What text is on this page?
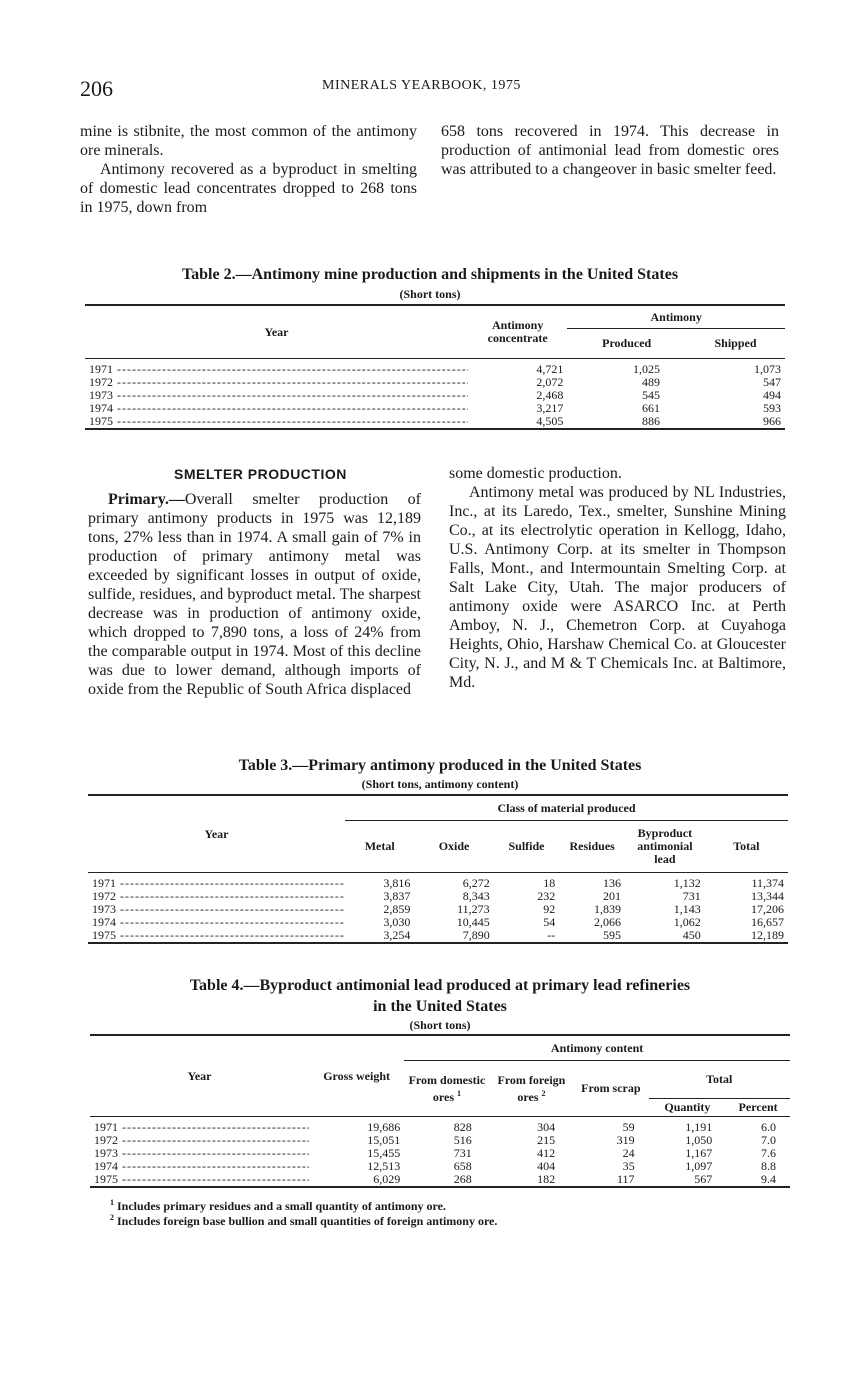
206	MINERALS YEARBOOK, 1975

mine is stibnite, the most common of the antimony ore minerals.

Antimony recovered as a byproduct in smelting of domestic lead concentrates dropped to 268 tons in 1975, down from

658 tons recovered in 1974. This decrease in production of antimonial lead from domestic ores was attributed to a changeover in basic smelter feed.

Table 2.—Antimony mine production and shipments in the United States
(Short tons)
Year	Antimony concentrate	Antimony	
		Produced	Shipped

1971 -----	4,721	1,025	1,073
1972 -----	2,072	489	547
1973 -----	2,468	545	494
1974 -----	3,217	661	593
1975 -----	4,505	886	966
SMELTER PRODUCTION

Primary.—Overall smelter production of primary antimony products in 1975 was 12,189 tons, 27% less than in 1974. A small gain of 7% in production of primary antimony metal was exceeded by significant losses in output of oxide, sulfide, residues, and byproduct metal. The sharpest decrease was in production of antimony oxide, which dropped to 7,890 tons, a loss of 24% from the comparable output in 1974. Most of this decline was due to lower demand, although imports of oxide from the Republic of South Africa displaced

some domestic production.

Antimony metal was produced by NL Industries, Inc., at its Laredo, Tex., smelter, Sunshine Mining Co., at its electrolytic operation in Kellogg, Idaho, U.S. Antimony Corp. at its smelter in Thompson Falls, Mont., and Intermountain Smelting Corp. at Salt Lake City, Utah. The major producers of antimony oxide were ASARCO Inc. at Perth Amboy, N. J., Chemetron Corp. at Cuyahoga Heights, Ohio, Harshaw Chemical Co. at Gloucester City, N. J., and M & T Chemicals Inc. at Baltimore, Md.

Table 3.—Primary antimony produced in the United States
(Short tons, antimony content)
Year	Class of material produced					
	Metal	Oxide	Sulfide	Residues	Byproduct antimonial lead	Total

1971 -----	3,816	6,272	18	136	1,132	11,374
1972 -----	3,837	8,343	232	201	731	13,344
1973 -----	2,859	11,273	92	1,839	1,143	17,206
1974 -----	3,030	10,445	54	2,066	1,062	16,657
1975 -----	3,254	7,890	--	595	450	12,189
Table 4.—Byproduct antimonial lead produced at primary lead refineries
in the United States
(Short tons)
Year	Gross weight	Antimony content				
		From domestic ores $^1$	From foreign ores $^2$	From scrap	Total	
					Quantity	Percent

1971 -----	19,686	828	304	59	1,191	6.0
1972 -----	15,051	516	215	319	1,050	7.0
1973 -----	15,455	731	412	24	1,167	7.6
1974 -----	12,513	658	404	35	1,097	8.8
1975 -----	6,029	268	182	117	567	9.4
$^1$ Includes primary residues and a small quantity of antimony ore.
$^2$ Includes foreign base bullion and small quantities of foreign antimony ore.
